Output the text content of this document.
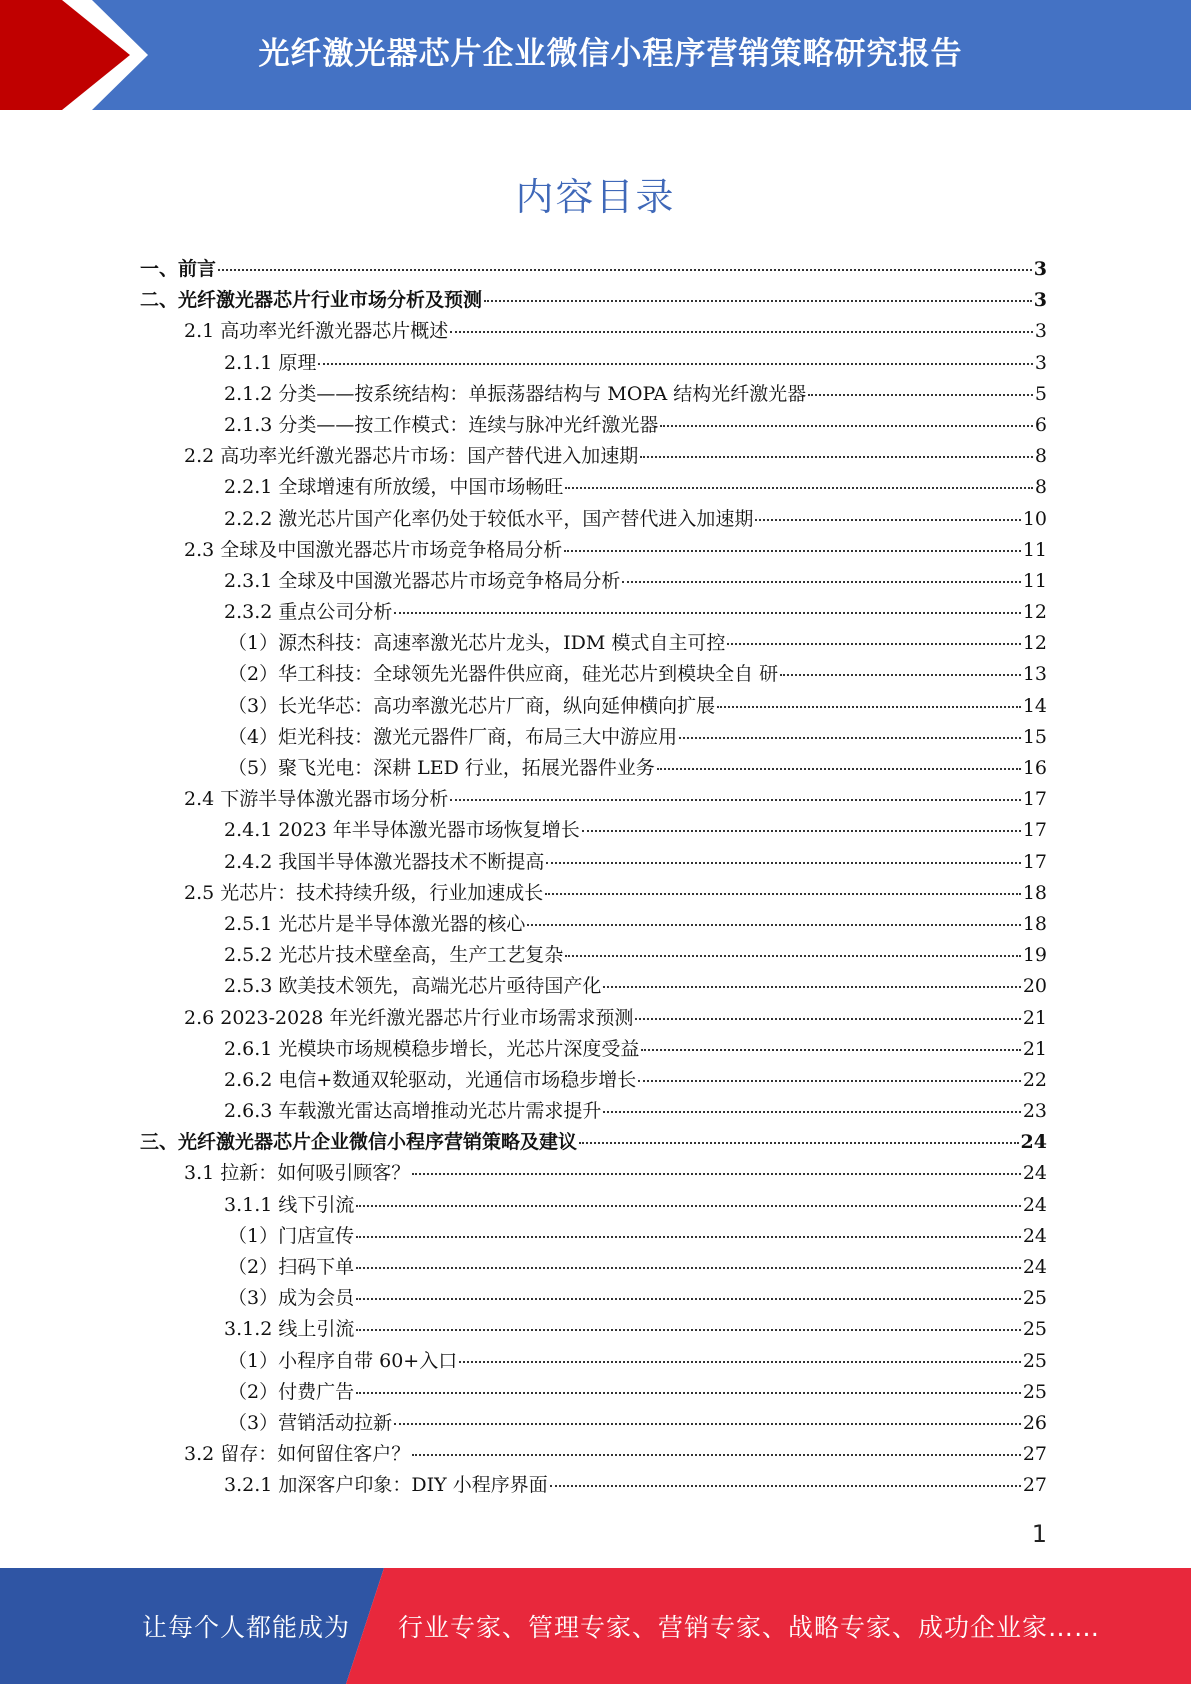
光纤激光器芯片企业微信小程序营销策略研究报告
内容目录
一、前言	3
二、光纤激光器芯片行业市场分析及预测	3
2.1 高功率光纤激光器芯片概述	3
2.1.1 原理	3
2.1.2 分类——按系统结构：单振荡器结构与 MOPA 结构光纤激光器	5
2.1.3 分类——按工作模式：连续与脉冲光纤激光器	6
2.2 高功率光纤激光器芯片市场：国产替代进入加速期	8
2.2.1 全球增速有所放缓，中国市场畅旺	8
2.2.2 激光芯片国产化率仍处于较低水平，国产替代进入加速期	10
2.3 全球及中国激光器芯片市场竞争格局分析	11
2.3.1 全球及中国激光器芯片市场竞争格局分析	11
2.3.2 重点公司分析	12
（1）源杰科技：高速率激光芯片龙头，IDM 模式自主可控	12
（2）华工科技：全球领先光器件供应商，硅光芯片到模块全自 研	13
（3）长光华芯：高功率激光芯片厂商，纵向延伸横向扩展	14
（4）炬光科技：激光元器件厂商，布局三大中游应用	15
（5）聚飞光电：深耕 LED 行业，拓展光器件业务	16
2.4 下游半导体激光器市场分析	17
2.4.1 2023 年半导体激光器市场恢复增长	17
2.4.2 我国半导体激光器技术不断提高	17
2.5 光芯片：技术持续升级，行业加速成长	18
2.5.1 光芯片是半导体激光器的核心	18
2.5.2 光芯片技术壁垒高，生产工艺复杂	19
2.5.3 欧美技术领先，高端光芯片亟待国产化	20
2.6 2023-2028 年光纤激光器芯片行业市场需求预测	21
2.6.1 光模块市场规模稳步增长，光芯片深度受益	21
2.6.2 电信+数通双轮驱动，光通信市场稳步增长	22
2.6.3 车载激光雷达高增推动光芯片需求提升	23
三、光纤激光器芯片企业微信小程序营销策略及建议	24
3.1 拉新：如何吸引顾客？	24
3.1.1 线下引流	24
（1）门店宣传	24
（2）扫码下单	24
（3）成为会员	25
3.1.2 线上引流	25
（1）小程序自带 60+入口	25
（2）付费广告	25
（3）营销活动拉新	26
3.2 留存：如何留住客户？	27
3.2.1 加深客户印象：DIY 小程序界面	27
1
让每个人都能成为 行业专家、管理专家、营销专家、战略专家、成功企业家……
